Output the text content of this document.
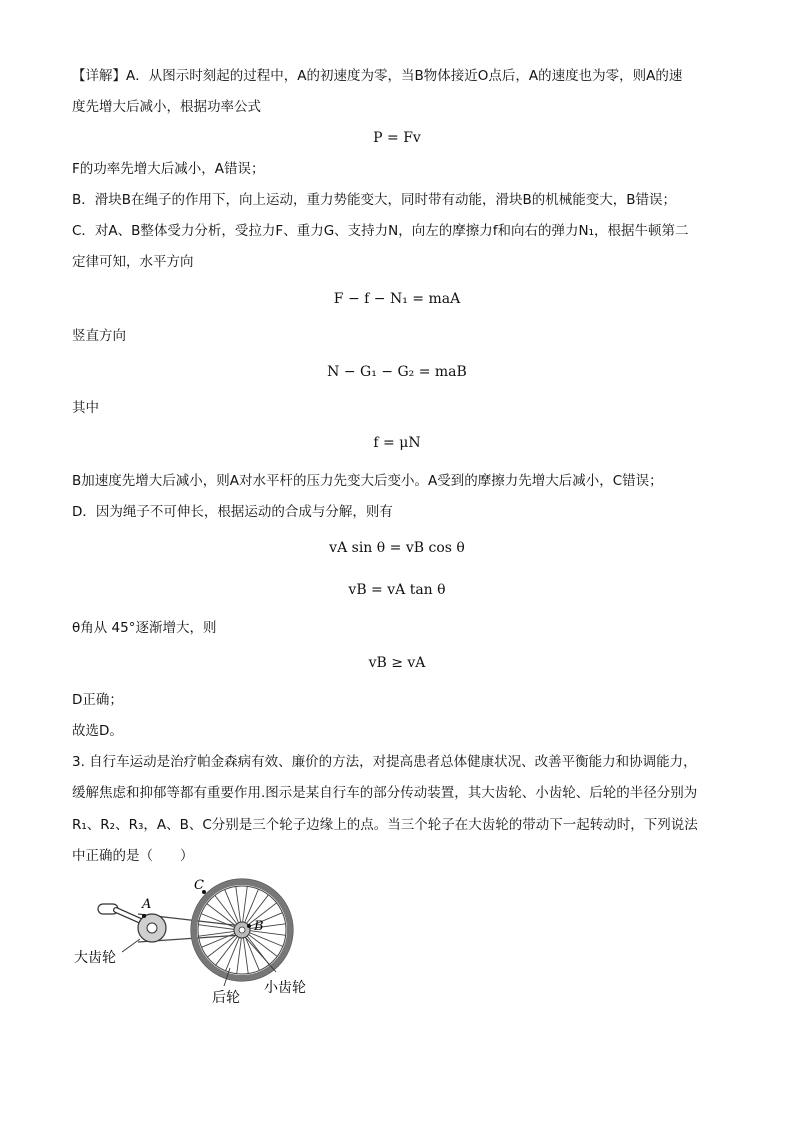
【详解】A．从图示时刻起的过程中，A的初速度为零，当B物体接近O点后，A的速度也为零，则A的速
度先增大后减小，根据功率公式
P = Fv
F的功率先增大后减小，A错误；
B．滑块B在绳子的作用下，向上运动，重力势能变大，同时带有动能，滑块B的机械能变大，B错误；
C．对A、B整体受力分析，受拉力F、重力G、支持力N，向左的摩擦力f和向右的弹力N₁，根据牛顿第二
定律可知，水平方向
F − f − N₁ = maA
竖直方向
N − G₁ − G₂ = maB
其中
f = μN
B加速度先增大后减小，则A对水平杆的压力先变大后变小。A受到的摩擦力先增大后减小，C错误；
D．因为绳子不可伸长，根据运动的合成与分解，则有
vA sin θ = vB cos θ
vB = vA tan θ
θ角从 45°逐渐增大，则
vB ≥ vA
D正确；
故选D。
3. 自行车运动是治疗帕金森病有效、廉价的方法，对提高患者总体健康状况、改善平衡能力和协调能力，
缓解焦虑和抑郁等都有重要作用.图示是某自行车的部分传动装置，其大齿轮、小齿轮、后轮的半径分别为
R₁、R₂、R₃，A、B、C分别是三个轮子边缘上的点。当三个轮子在大齿轮的带动下一起转动时，下列说法
中正确的是（　　）
A
B
C
大齿轮
后轮
小齿轮
